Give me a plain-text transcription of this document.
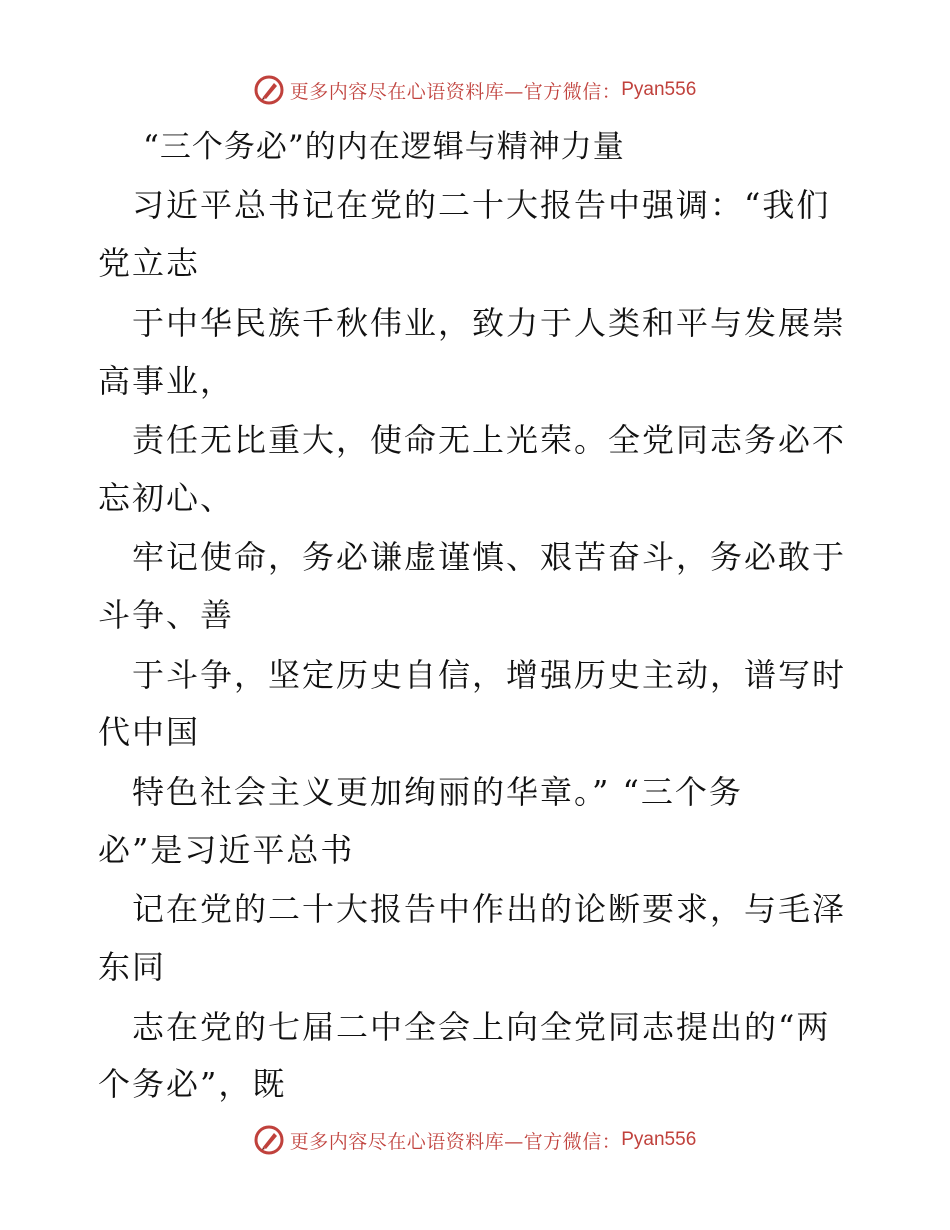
更多内容尽在心语资料库—官方微信： Pyan556
“三个务必”的内在逻辑与精神力量
　习近平总书记在党的二十大报告中强调：“我们
党立志
　于中华民族千秋伟业，致力于人类和平与发展崇
高事业，
　责任无比重大，使命无上光荣。全党同志务必不
忘初心、
　牢记使命，务必谦虚谨慎、艰苦奋斗，务必敢于
斗争、善
　于斗争，坚定历史自信，增强历史主动，谱写时
代中国
　特色社会主义更加绚丽的华章。” “三个务
必”是习近平总书
　记在党的二十大报告中作出的论断要求，与毛泽
东同
　志在党的七届二中全会上向全党同志提出的“两
个务必”，既
更多内容尽在心语资料库—官方微信： Pyan556
